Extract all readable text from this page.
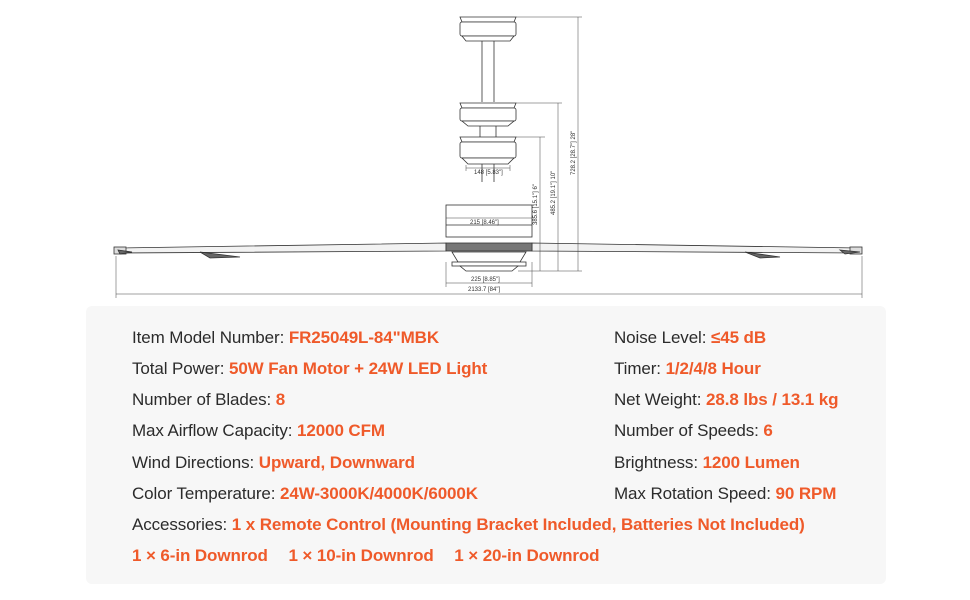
148 [5.83"]
215 [8.46"]
225 [8.85"]
2133.7 [84"]
728.2 [28.7"] 28"
485.2 [19.1"] 10"
385.6 [15.1"] 6"
Item Model Number: FR25049L-84"MBK
Total Power: 50W Fan Motor + 24W LED Light
Number of Blades: 8
Max Airflow Capacity: 12000 CFM
Wind Directions: Upward, Downward
Color Temperature: 24W-3000K/4000K/6000K
Noise Level: ≤45 dB
Timer: 1/2/4/8 Hour
Net Weight: 28.8 lbs / 13.1 kg
Number of Speeds: 6
Brightness: 1200 Lumen
Max Rotation Speed: 90 RPM
Accessories: 1 x Remote Control (Mounting Bracket Included, Batteries Not Included)
1 × 6-in Downrod 1 × 10-in Downrod 1 × 20-in Downrod
